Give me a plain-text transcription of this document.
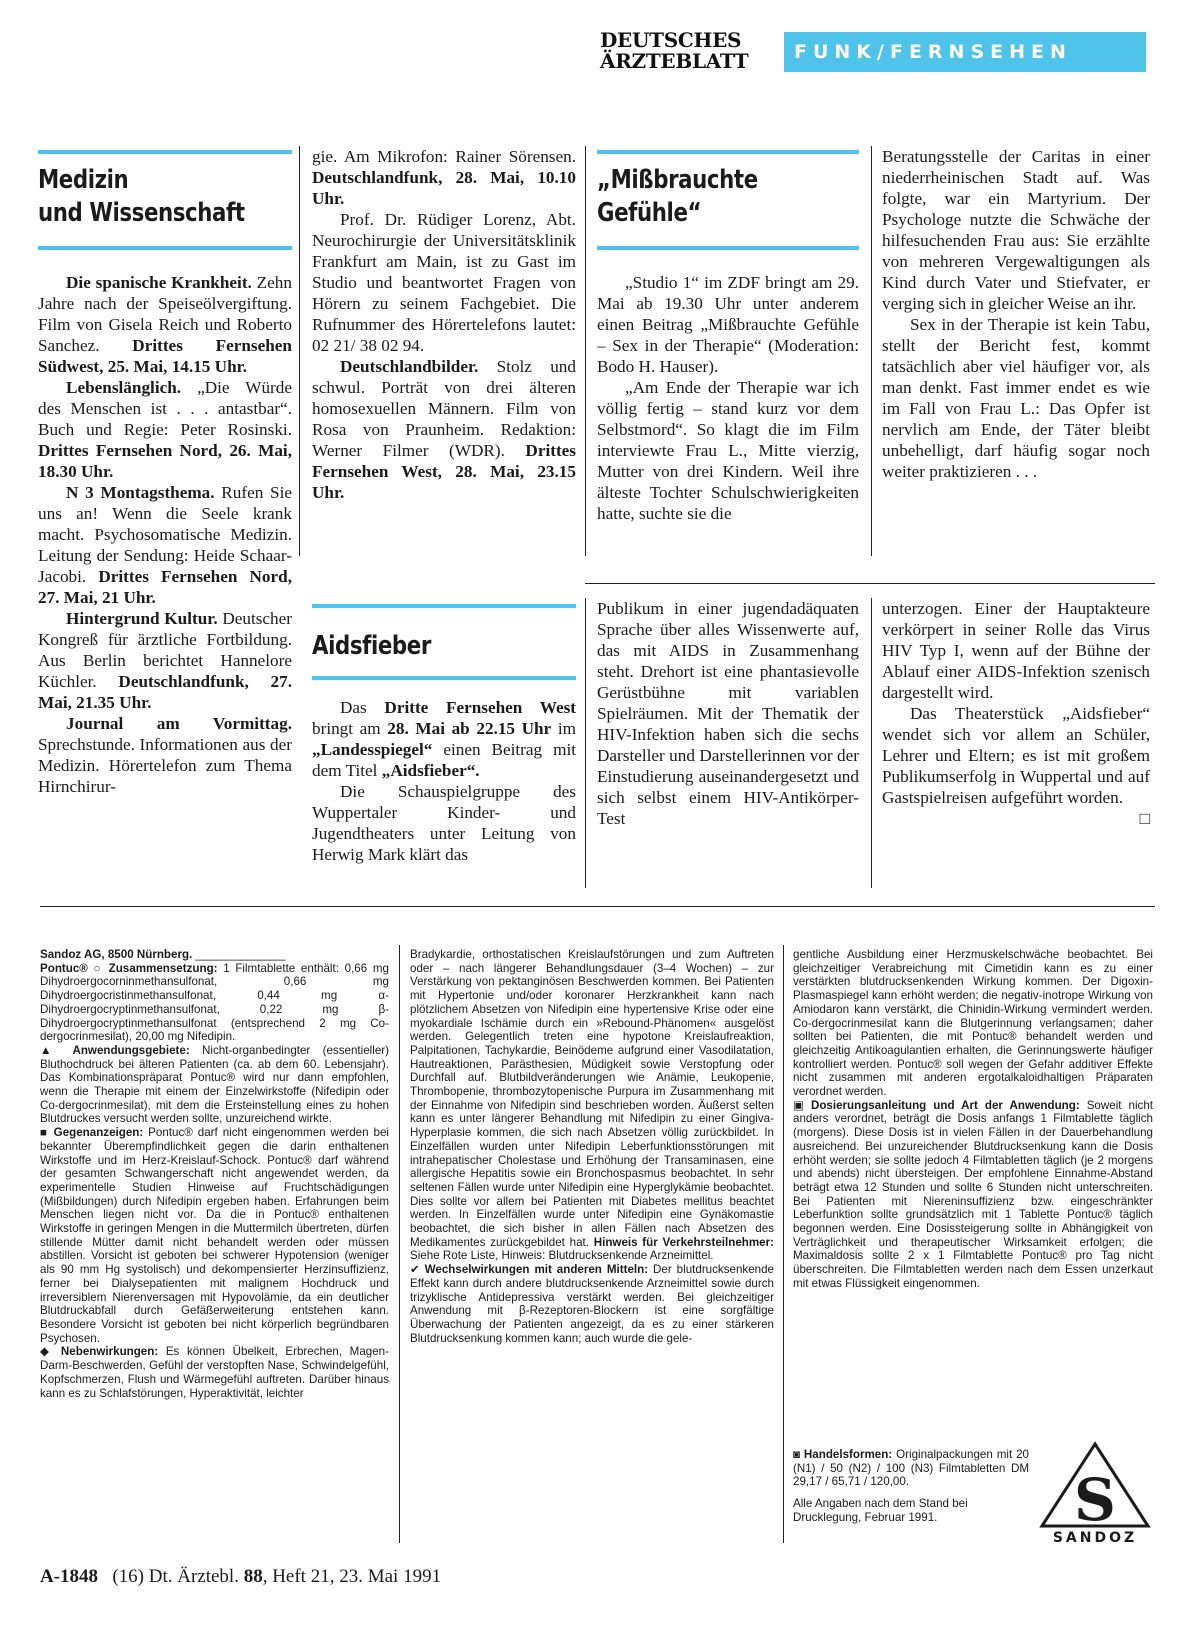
DEUTSCHES
ÄRZTEBLATT	FUNK/FERNSEHEN
Medizin
und Wissenschaft

Die spanische Krankheit. Zehn Jahre nach der Speiseölvergiftung. Film von Gisela Reich und Roberto Sanchez. Drittes Fernsehen Südwest, 25. Mai, 14.15 Uhr.

Lebenslänglich. „Die Würde des Menschen ist . . . antastbar“. Buch und Regie: Peter Rosinski. Drittes Fernsehen Nord, 26. Mai, 18.30 Uhr.

N 3 Montagsthema. Rufen Sie uns an! Wenn die Seele krank macht. Psychosomatische Medizin. Leitung der Sendung: Heide Schaar-Jacobi. Drittes Fernsehen Nord, 27. Mai, 21 Uhr.

Hintergrund Kultur. Deutscher Kongreß für ärztliche Fortbildung. Aus Berlin berichtet Hannelore Küchler. Deutschlandfunk, 27. Mai, 21.35 Uhr.

Journal am Vormittag. Sprechstunde. Informationen aus der Medizin. Hörertelefon zum Thema Hirnchirur-

gie. Am Mikrofon: Rainer Sörensen. Deutschlandfunk, 28. Mai, 10.10 Uhr.

Prof. Dr. Rüdiger Lorenz, Abt. Neurochirurgie der Universitätsklinik Frankfurt am Main, ist zu Gast im Studio und beantwortet Fragen von Hörern zu seinem Fachgebiet. Die Rufnummer des Hörertelefons lautet: 02 21/ 38 02 94.

Deutschlandbilder. Stolz und schwul. Porträt von drei älteren homosexuellen Männern. Film von Rosa von Praunheim. Redaktion: Werner Filmer (WDR). Drittes Fernsehen West, 28. Mai, 23.15 Uhr.

„Mißbrauchte
Gefühle“

„Studio 1“ im ZDF bringt am 29. Mai ab 19.30 Uhr unter anderem einen Beitrag „Mißbrauchte Gefühle – Sex in der Therapie“ (Moderation: Bodo H. Hauser).

„Am Ende der Therapie war ich völlig fertig – stand kurz vor dem Selbstmord“. So klagt die im Film interviewte Frau L., Mitte vierzig, Mutter von drei Kindern. Weil ihre älteste Tochter Schulschwierigkeiten hatte, suchte sie die

Beratungsstelle der Caritas in einer niederrheinischen Stadt auf. Was folgte, war ein Martyrium. Der Psychologe nutzte die Schwäche der hilfesuchenden Frau aus: Sie erzählte von mehreren Vergewaltigungen als Kind durch Vater und Stiefvater, er verging sich in gleicher Weise an ihr.

Sex in der Therapie ist kein Tabu, stellt der Bericht fest, kommt tatsächlich aber viel häufiger vor, als man denkt. Fast immer endet es wie im Fall von Frau L.: Das Opfer ist nervlich am Ende, der Täter bleibt unbehelligt, darf häufig sogar noch weiter praktizieren . . .

Aidsfieber

Das Dritte Fernsehen West bringt am 28. Mai ab 22.15 Uhr im „Landesspiegel“ einen Beitrag mit dem Titel „Aidsfieber“.

Die Schauspielgruppe des Wuppertaler Kinder- und Jugendtheaters unter Leitung von Herwig Mark klärt das

Publikum in einer jugendadäquaten Sprache über alles Wissenwerte auf, das mit AIDS in Zusammenhang steht. Drehort ist eine phantasievolle Gerüstbühne mit variablen Spielräumen. Mit der Thematik der HIV-Infektion haben sich die sechs Darsteller und Darstellerinnen vor der Einstudierung auseinandergesetzt und sich selbst einem HIV-Antikörper-Test

unterzogen. Einer der Hauptakteure verkörpert in seiner Rolle das Virus HIV Typ I, wenn auf der Bühne der Ablauf einer AIDS-Infektion szenisch dargestellt wird.

Das Theaterstück „Aidsfieber“ wendet sich vor allem an Schüler, Lehrer und Eltern; es ist mit großem Publikumserfolg in Wuppertal und auf Gastspielreisen aufgeführt worden.
□

Sandoz AG, 8500 Nürnberg. ______________

Pontuc® ○ Zusammensetzung: 1 Filmtablette enthält: 0,66 mg Dihydroergocorninmethansulfonat, 0,66 mg Dihydroergocristinmethansulfonat, 0,44 mg α-Dihydroergocryptinmethansulfonat, 0,22 mg β-Dihydroergocryptinmethansulfonat (entsprechend 2 mg Co-dergocrinmesilat), 20,00 mg Nifedipin.

▲ Anwendungsgebiete: Nicht-organbedingter (essentieller) Bluthochdruck bei älteren Patienten (ca. ab dem 60. Lebensjahr). Das Kombinationspräparat Pontuc® wird nur dann empfohlen, wenn die Therapie mit einem der Einzelwirkstoffe (Nifedipin oder Co-dergocrinmesilat), mit dem die Ersteinstellung eines zu hohen Blutdruckes versucht werden sollte, unzureichend wirkte.

■ Gegenanzeigen: Pontuc® darf nicht eingenommen werden bei bekannter Überempfindlichkeit gegen die darin enthaltenen Wirkstoffe und im Herz-Kreislauf-Schock. Pontuc® darf während der gesamten Schwangerschaft nicht angewendet werden, da experimentelle Studien Hinweise auf Fruchtschädigungen (Mißbildungen) durch Nifedipin ergeben haben. Erfahrungen beim Menschen liegen nicht vor. Da die in Pontuc® enthaltenen Wirkstoffe in geringen Mengen in die Muttermilch übertreten, dürfen stillende Mütter damit nicht behandelt werden oder müssen abstillen. Vorsicht ist geboten bei schwerer Hypotension (weniger als 90 mm Hg systolisch) und dekompensierter Herzinsuffizienz, ferner bei Dialysepatienten mit malignem Hochdruck und irreversiblem Nierenversagen mit Hypovolämie, da ein deutlicher Blutdruckabfall durch Gefäßerweiterung entstehen kann. Besondere Vorsicht ist geboten bei nicht körperlich begründbaren Psychosen.

◆ Nebenwirkungen: Es können Übelkeit, Erbrechen, Magen-Darm-Beschwerden, Gefühl der verstopften Nase, Schwindelgefühl, Kopfschmerzen, Flush und Wärmegefühl auftreten. Darüber hinaus kann es zu Schlafstörungen, Hyperaktivität, leichter

Bradykardie, orthostatischen Kreislaufstörungen und zum Auftreten oder – nach längerer Behandlungsdauer (3–4 Wochen) – zur Verstärkung von pektanginösen Beschwerden kommen. Bei Patienten mit Hypertonie und/oder koronarer Herzkrankheit kann nach plötzlichem Absetzen von Nifedipin eine hypertensive Krise oder eine myokardiale Ischämie durch ein »Rebound-Phänomen« ausgelöst werden. Gelegentlich treten eine hypotone Kreislaufreaktion, Palpitationen, Tachykardie, Beinödeme aufgrund einer Vasodilatation, Hautreaktionen, Parästhesien, Müdigkeit sowie Verstopfung oder Durchfall auf. Blutbildveränderungen wie Anämie, Leukopenie, Thrombopenie, thrombozytopenische Purpura im Zusammenhang mit der Einnahme von Nifedipin sind beschrieben worden. Äußerst selten kann es unter längerer Behandlung mit Nifedipin zu einer Gingiva-Hyperplasie kommen, die sich nach Absetzen völlig zurückbildet. In Einzelfällen wurden unter Nifedipin Leberfunktionsstörungen mit intrahepatischer Cholestase und Erhöhung der Transaminasen, eine allergische Hepatitis sowie ein Bronchospasmus beobachtet. In sehr seltenen Fällen wurde unter Nifedipin eine Hyperglykämie beobachtet. Dies sollte vor allem bei Patienten mit Diabetes mellitus beachtet werden. In Einzelfällen wurde unter Nifedipin eine Gynäkomastie beobachtet, die sich bisher in allen Fällen nach Absetzen des Medikamentes zurückgebildet hat. Hinweis für Verkehrsteilnehmer: Siehe Rote Liste, Hinweis: Blutdrucksenkende Arzneimittel.

✔ Wechselwirkungen mit anderen Mitteln: Der blutdrucksenkende Effekt kann durch andere blutdrucksenkende Arzneimittel sowie durch trizyklische Antidepressiva verstärkt werden. Bei gleichzeitiger Anwendung mit β-Rezeptoren-Blockern ist eine sorgfältige Überwachung der Patienten angezeigt, da es zu einer stärkeren Blutdrucksenkung kommen kann; auch wurde die gele-

gentliche Ausbildung einer Herzmuskelschwäche beobachtet. Bei gleichzeitiger Verabreichung mit Cimetidin kann es zu einer verstärkten blutdrucksenkenden Wirkung kommen. Der Digoxin-Plasmaspiegel kann erhöht werden; die negativ-inotrope Wirkung von Amiodaron kann verstärkt, die Chinidin-Wirkung vermindert werden. Co-dergocrinmesilat kann die Blutgerinnung verlangsamen; daher sollten bei Patienten, die mit Pontuc® behandelt werden und gleichzeitig Antikoagulantien erhalten, die Gerinnungswerte häufiger kontrolliert werden. Pontuc® soll wegen der Gefahr additiver Effekte nicht zusammen mit anderen ergotalkaloidhaltigen Präparaten verordnet werden.

▣ Dosierungsanleitung und Art der Anwendung: Soweit nicht anders verordnet, beträgt die Dosis anfangs 1 Filmtablette täglich (morgens). Diese Dosis ist in vielen Fällen in der Dauerbehandlung ausreichend. Bei unzureichender Blutdrucksenkung kann die Dosis erhöht werden; sie sollte jedoch 4 Filmtabletten täglich (je 2 morgens und abends) nicht übersteigen. Der empfohlene Einnahme-Abstand beträgt etwa 12 Stunden und sollte 6 Stunden nicht unterschreiten. Bei Patienten mit Niereninsuffizienz bzw. eingeschränkter Leberfunktion sollte grundsätzlich mit 1 Tablette Pontuc® täglich begonnen werden. Eine Dosissteigerung sollte in Abhängigkeit von Verträglichkeit und therapeutischer Wirksamkeit erfolgen; die Maximaldosis sollte 2 x 1 Filmtablette Pontuc® pro Tag nicht überschreiten. Die Filmtabletten werden nach dem Essen unzerkaut mit etwas Flüssigkeit eingenommen.

◙ Handelsformen: Originalpackungen mit 20 (N1) / 50 (N2) / 100 (N3) Filmtabletten DM 29,17 / 65,71 / 120,00.

Alle Angaben nach dem Stand bei Drucklegung, Februar 1991.	S
SANDOZ
A-1848 (16) Dt. Ärztebl. 88, Heft 21, 23. Mai 1991
